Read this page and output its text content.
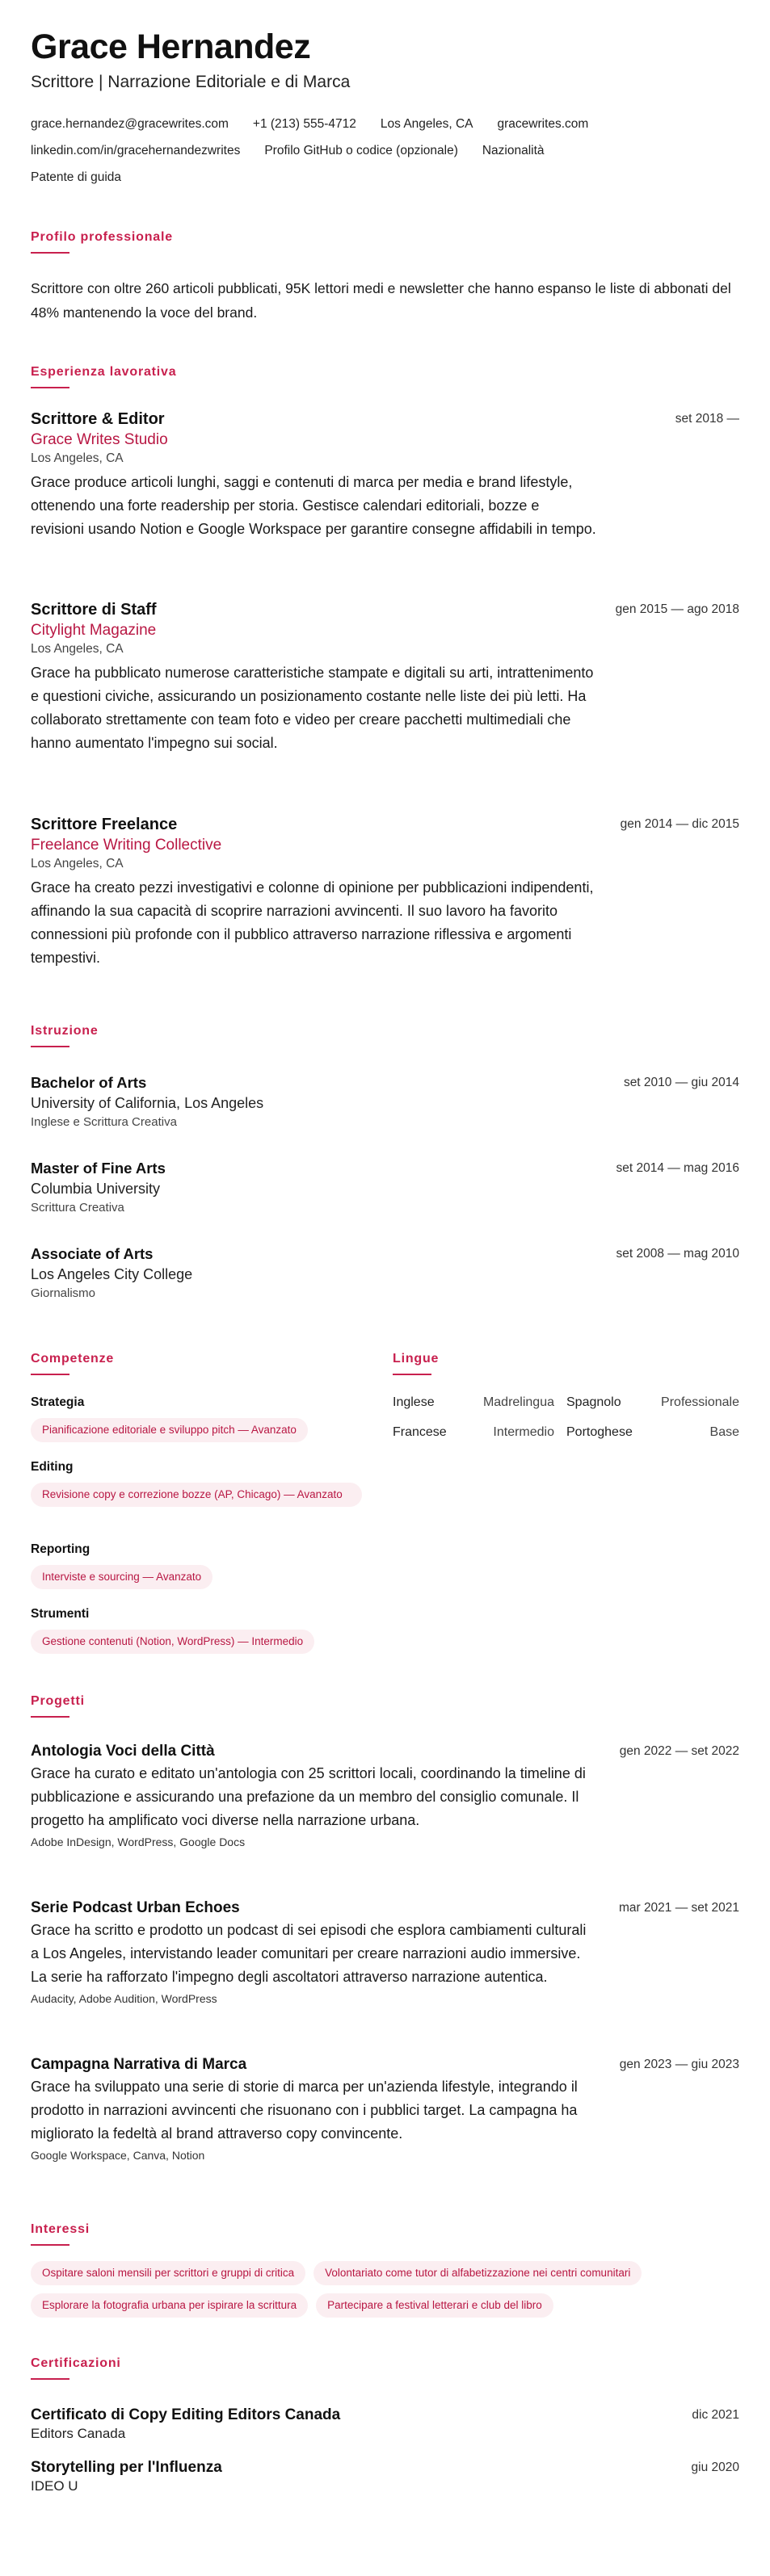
Grace Hernandez
Scrittore | Narrazione Editoriale e di Marca
grace.hernandez@gracewrites.com +1 (213) 555-4712 Los Angeles, CA gracewrites.com
linkedin.com/in/gracehernandezwrites Profilo GitHub o codice (opzionale) Nazionalità
Patente di guida
Profilo professionale
Scrittore con oltre 260 articoli pubblicati, 95K lettori medi e newsletter che hanno espanso le liste di abbonati del 48% mantenendo la voce del brand.
Esperienza lavorativa
Scrittore & Editor	set 2018 —
Grace Writes Studio
Los Angeles, CA
Grace produce articoli lunghi, saggi e contenuti di marca per media e brand lifestyle, ottenendo una forte readership per storia. Gestisce calendari editoriali, bozze e revisioni usando Notion e Google Workspace per garantire consegne affidabili in tempo.
Scrittore di Staff	gen 2015 — ago 2018
Citylight Magazine
Los Angeles, CA
Grace ha pubblicato numerose caratteristiche stampate e digitali su arti, intrattenimento e questioni civiche, assicurando un posizionamento costante nelle liste dei più letti. Ha collaborato strettamente con team foto e video per creare pacchetti multimediali che hanno aumentato l'impegno sui social.
Scrittore Freelance	gen 2014 — dic 2015
Freelance Writing Collective
Los Angeles, CA
Grace ha creato pezzi investigativi e colonne di opinione per pubblicazioni indipendenti, affinando la sua capacità di scoprire narrazioni avvincenti. Il suo lavoro ha favorito connessioni più profonde con il pubblico attraverso narrazione riflessiva e argomenti tempestivi.
Istruzione
Bachelor of Arts	set 2010 — giu 2014
University of California, Los Angeles
Inglese e Scrittura Creativa
Master of Fine Arts	set 2014 — mag 2016
Columbia University
Scrittura Creativa
Associate of Arts	set 2008 — mag 2010
Los Angeles City College
Giornalismo
Competenze
Strategia
Pianificazione editoriale e sviluppo pitch — Avanzato
Editing
Revisione copy e correzione bozze (AP, Chicago) — Avanzato
Reporting
Interviste e sourcing — Avanzato
Strumenti
Gestione contenuti (Notion, WordPress) — Intermedio
Lingue
Inglese	Madrelingua Spagnolo	Professionale
Francese	Intermedio Portoghese	Base
Progetti
Antologia Voci della Città	gen 2022 — set 2022
Grace ha curato e editato un'antologia con 25 scrittori locali, coordinando la timeline di pubblicazione e assicurando una prefazione da un membro del consiglio comunale. Il progetto ha amplificato voci diverse nella narrazione urbana.
Adobe InDesign, WordPress, Google Docs
Serie Podcast Urban Echoes	mar 2021 — set 2021
Grace ha scritto e prodotto un podcast di sei episodi che esplora cambiamenti culturali a Los Angeles, intervistando leader comunitari per creare narrazioni audio immersive. La serie ha rafforzato l'impegno degli ascoltatori attraverso narrazione autentica.
Audacity, Adobe Audition, WordPress
Campagna Narrativa di Marca	gen 2023 — giu 2023
Grace ha sviluppato una serie di storie di marca per un'azienda lifestyle, integrando il prodotto in narrazioni avvincenti che risuonano con i pubblici target. La campagna ha migliorato la fedeltà al brand attraverso copy convincente.
Google Workspace, Canva, Notion
Interessi
Ospitare saloni mensili per scrittori e gruppi di critica	Volontariato come tutor di alfabetizzazione nei centri comunitari
Esplorare la fotografia urbana per ispirare la scrittura	Partecipare a festival letterari e club del libro
Certificazioni
Certificato di Copy Editing Editors Canada	dic 2021
Editors Canada
Storytelling per l'Influenza	giu 2020
IDEO U
